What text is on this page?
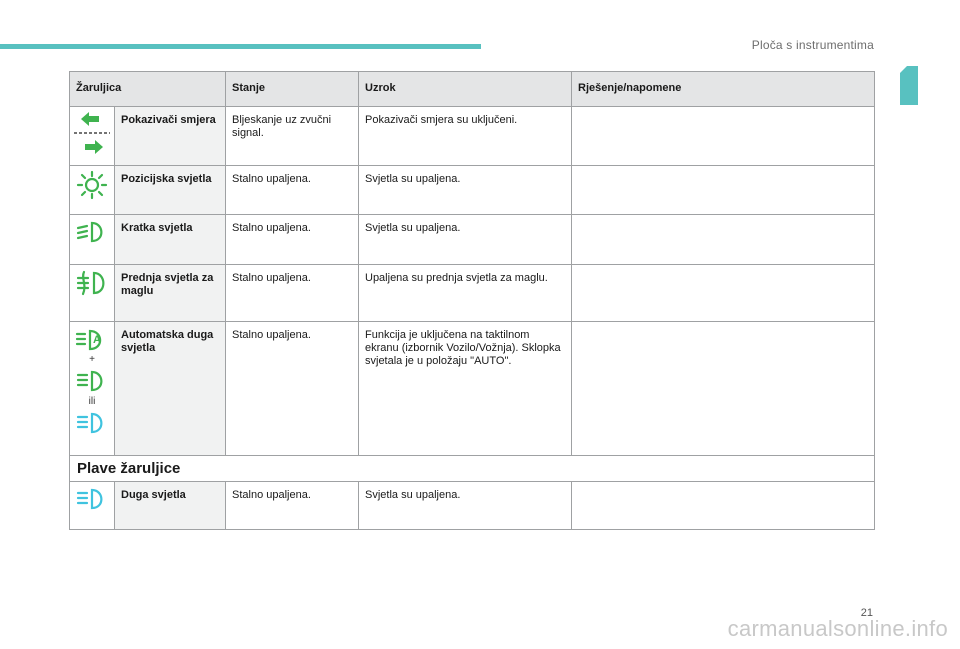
Ploča s instrumentima
Žaruljica		Stanje	Uzrok	Rješenje/napomene

	Pokazivači smjera	Bljeskanje uz zvučni signal.	Pokazivači smjera su uključeni.	

	Pozicijska svjetla	Stalno upaljena.	Svjetla su upaljena.	

	Kratka svjetla	Stalno upaljena.	Svjetla su upaljena.	

	Prednja svjetla za maglu	Stalno upaljena.	Upaljena su prednja svjetla za maglu.	

A
+
ili	Automatska duga svjetla	Stalno upaljena.	Funkcija je uključena na taktilnom ekranu (izbornik Vozilo/Vožnja). Sklopka svjetala je u položaju "AUTO".	
Plave žaruljice				

	Duga svjetla	Stalno upaljena.	Svjetla su upaljena.	
21
carmanualsonline.info
